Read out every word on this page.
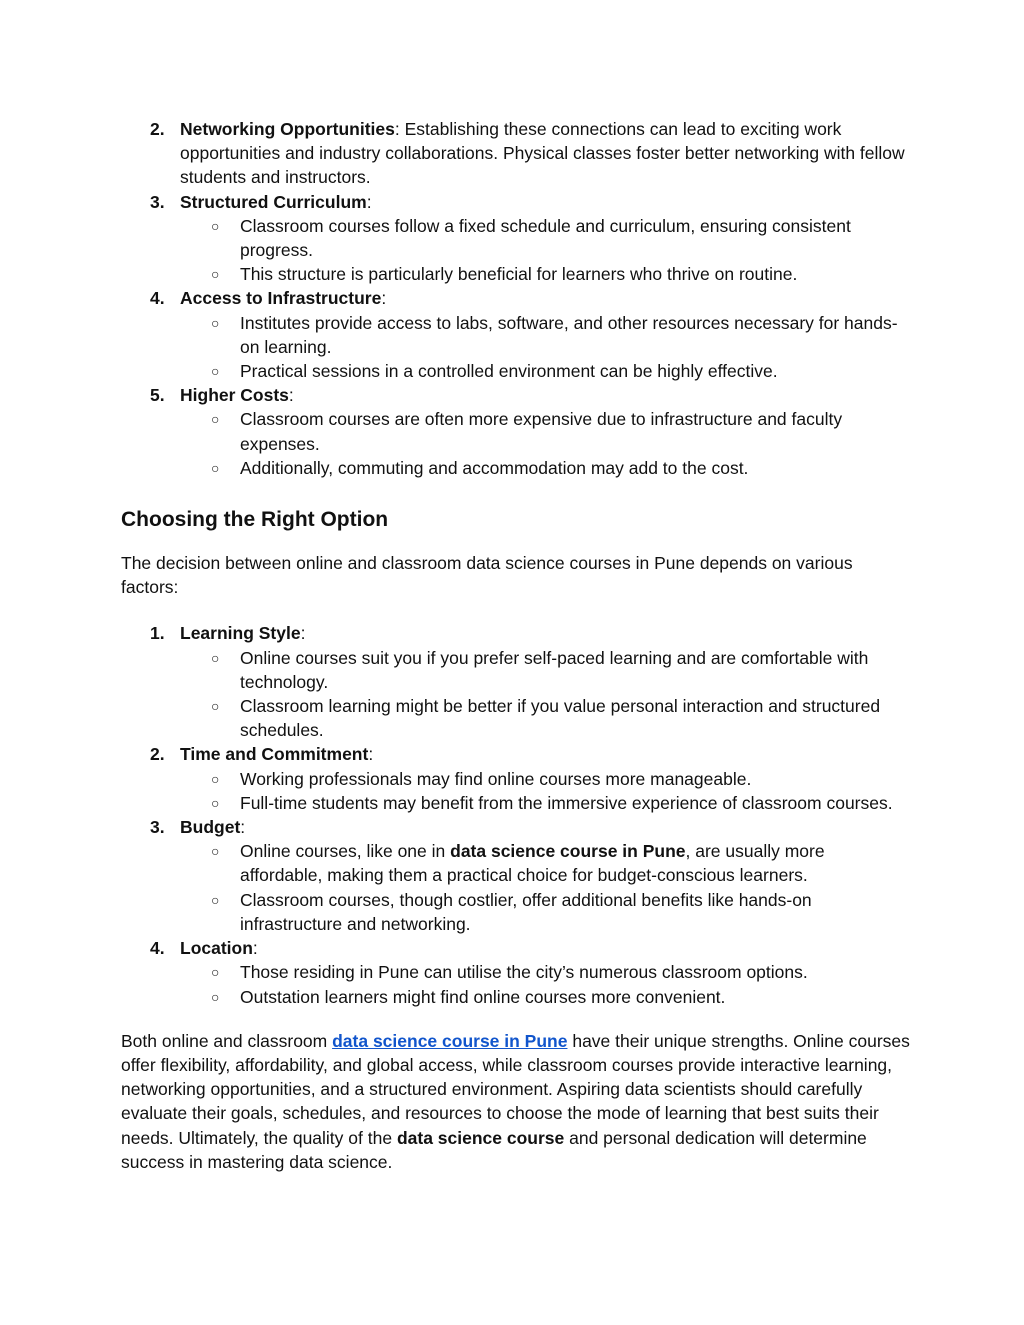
2. Networking Opportunities: Establishing these connections can lead to exciting work opportunities and industry collaborations. Physical classes foster better networking with fellow students and instructors.
3. Structured Curriculum:
○ Classroom courses follow a fixed schedule and curriculum, ensuring consistent progress.
○ This structure is particularly beneficial for learners who thrive on routine.
4. Access to Infrastructure:
○ Institutes provide access to labs, software, and other resources necessary for hands-on learning.
○ Practical sessions in a controlled environment can be highly effective.
5. Higher Costs:
○ Classroom courses are often more expensive due to infrastructure and faculty expenses.
○ Additionally, commuting and accommodation may add to the cost.
Choosing the Right Option

The decision between online and classroom data science courses in Pune depends on various factors:

1. Learning Style:
○ Online courses suit you if you prefer self-paced learning and are comfortable with technology.
○ Classroom learning might be better if you value personal interaction and structured schedules.
2. Time and Commitment:
○ Working professionals may find online courses more manageable.
○ Full-time students may benefit from the immersive experience of classroom courses.
3. Budget:
○ Online courses, like one in data science course in Pune, are usually more affordable, making them a practical choice for budget-conscious learners.
○ Classroom courses, though costlier, offer additional benefits like hands-on infrastructure and networking.
4. Location:
○ Those residing in Pune can utilise the city’s numerous classroom options.
○ Outstation learners might find online courses more convenient.

Both online and classroom data science course in Pune have their unique strengths. Online courses offer flexibility, affordability, and global access, while classroom courses provide interactive learning, networking opportunities, and a structured environment. Aspiring data scientists should carefully evaluate their goals, schedules, and resources to choose the mode of learning that best suits their needs. Ultimately, the quality of the data science course and personal dedication will determine success in mastering data science.
